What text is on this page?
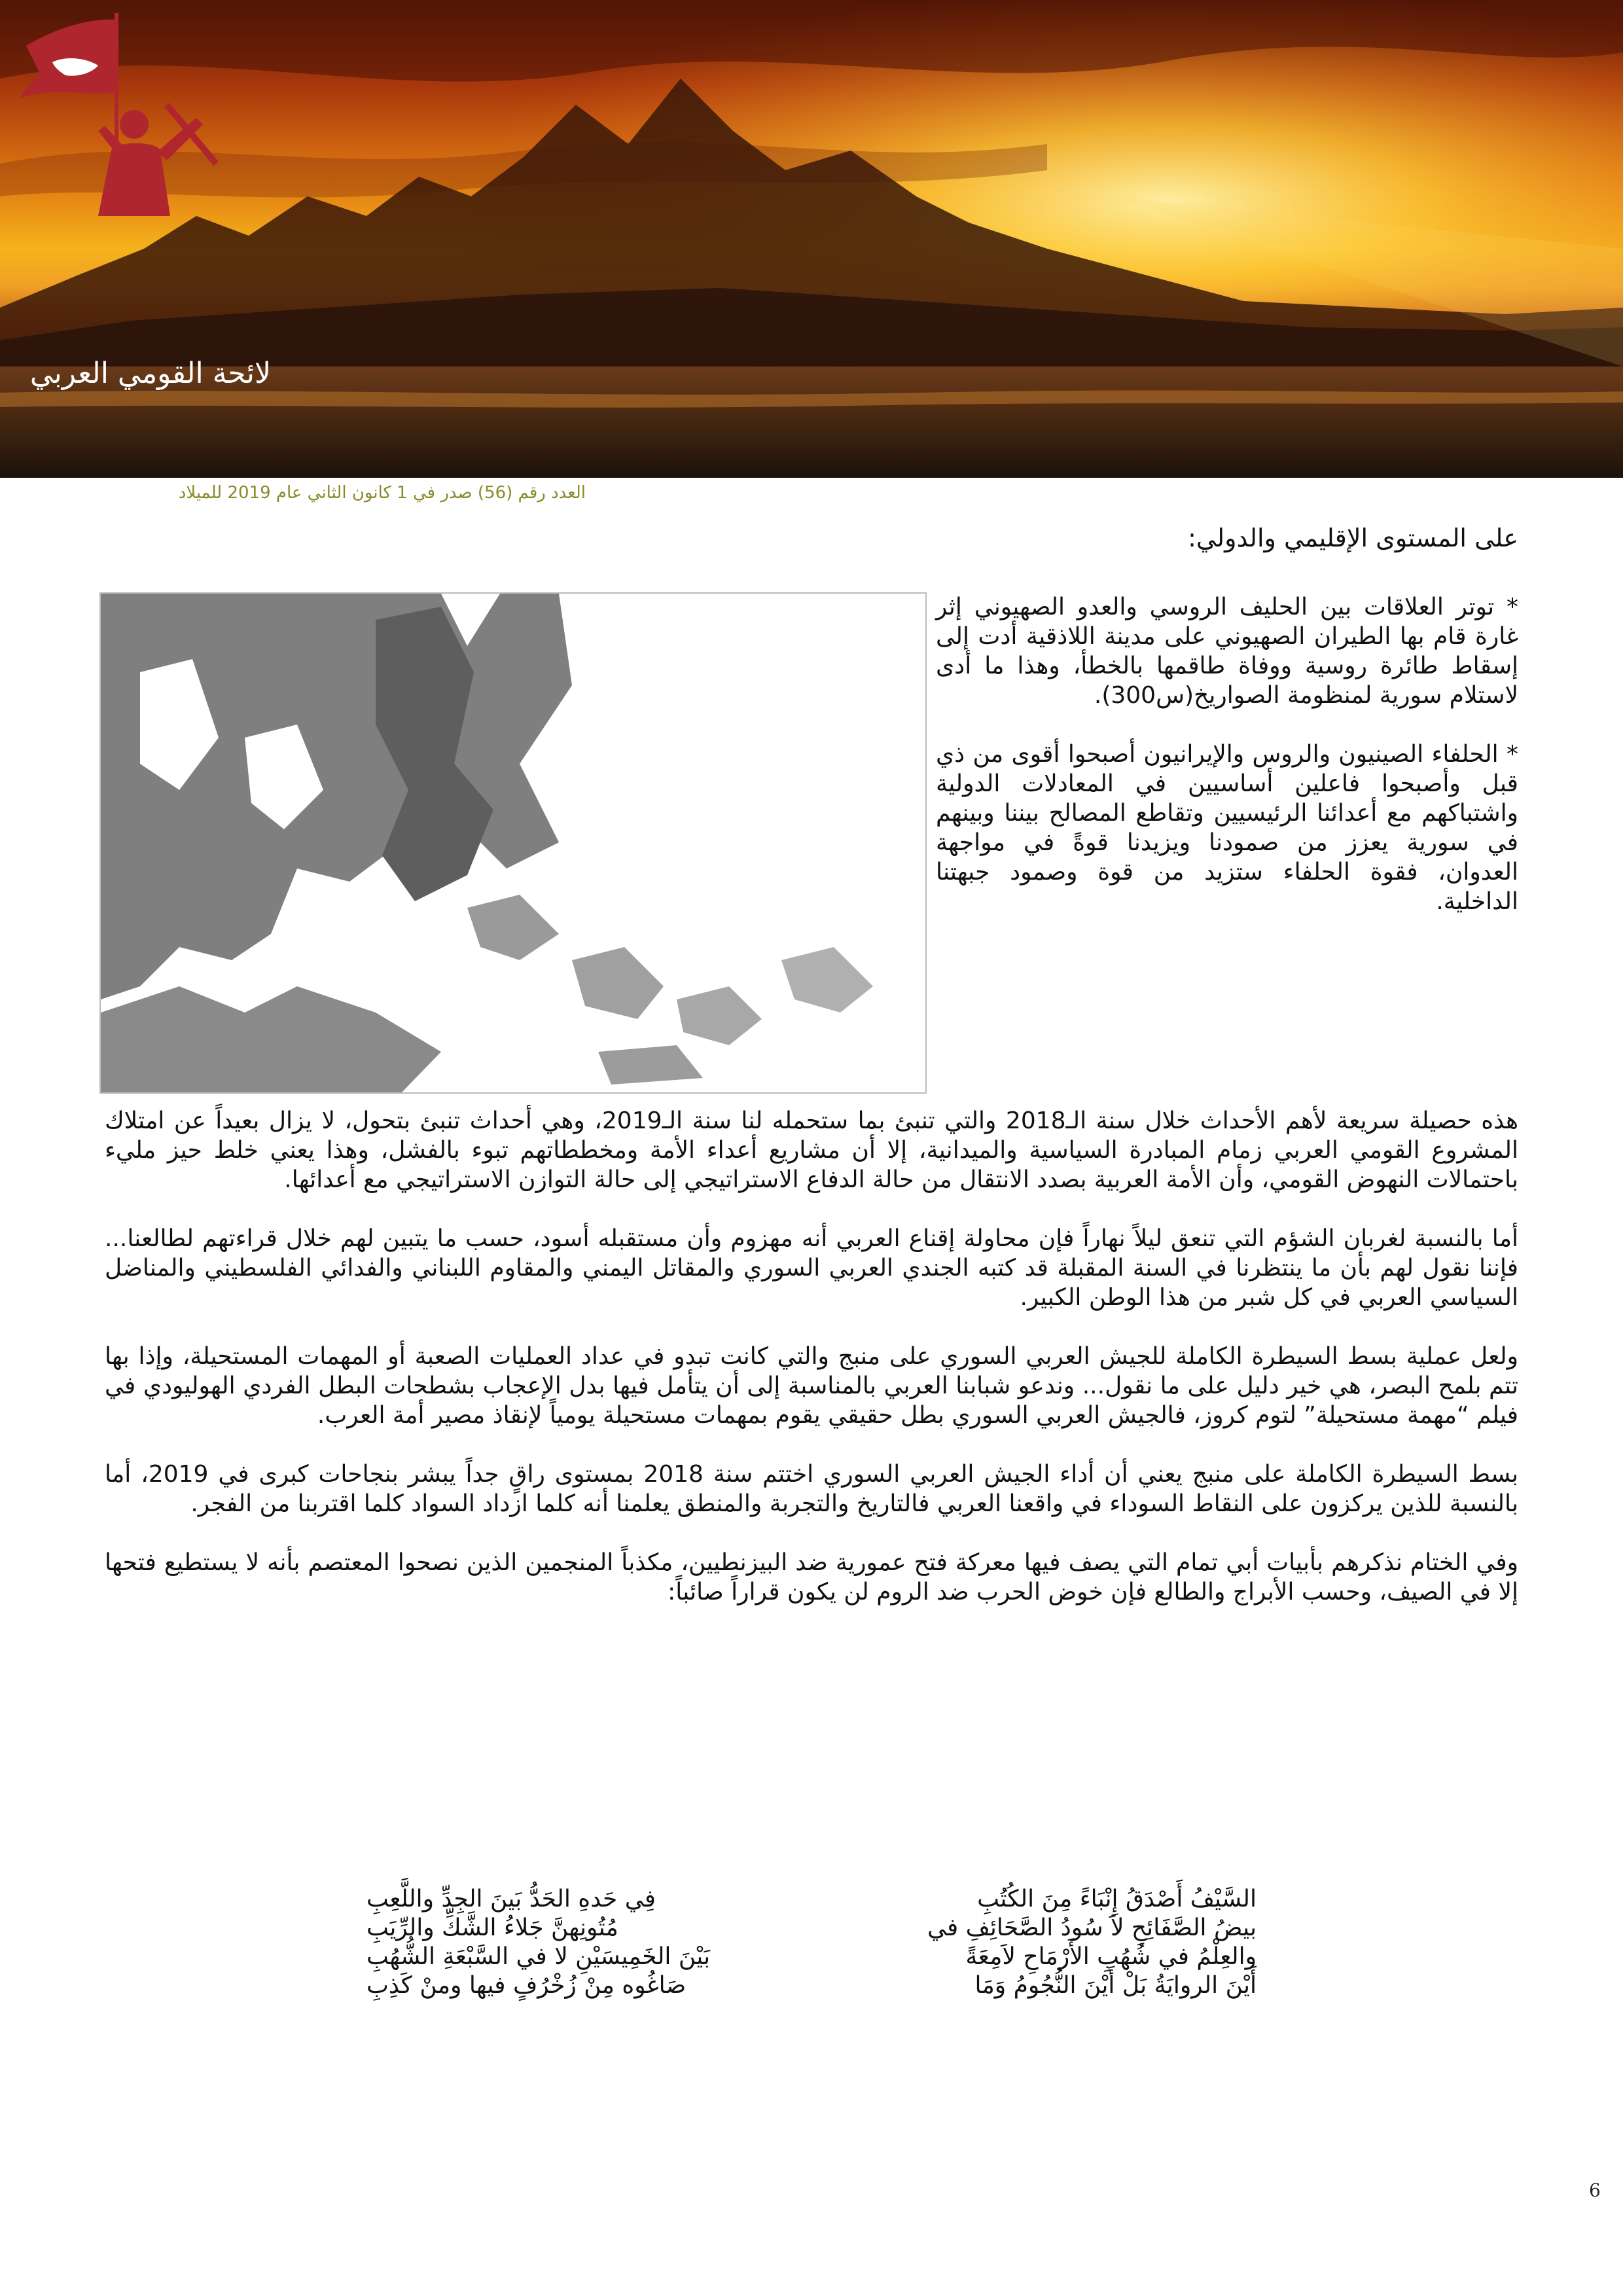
لائحة القومي العربي
العدد رقم (56) صدر في 1 كانون الثاني عام 2019 للميلاد
على المستوى الإقليمي والدولي:

* توتر العلاقات بين الحليف الروسي والعدو الصهيوني إثر غارة قام بها الطيران الصهيوني على مدينة اللاذقية أدت إلى إسقاط طائرة روسية ووفاة طاقمها بالخطأ، وهذا ما أدى لاستلام سورية لمنظومة الصواريخ(س300).

* الحلفاء الصينيون والروس والإيرانيون أصبحوا أقوى من ذي قبل وأصبحوا فاعلين أساسيين في المعادلات الدولية واشتباكهم مع أعدائنا الرئيسيين وتقاطع المصالح بيننا وبينهم في سورية يعزز من صمودنا ويزيدنا قوةً في مواجهة العدوان، فقوة الحلفاء ستزيد من قوة وصمود جبهتنا الداخلية.

هذه حصيلة سريعة لأهم الأحداث خلال سنة الـ2018 والتي تنبئ بما ستحمله لنا سنة الـ2019، وهي أحداث تنبئ بتحول، لا يزال بعيداً عن امتلاك المشروع القومي العربي زمام المبادرة السياسية والميدانية، إلا أن مشاريع أعداء الأمة ومخططاتهم تبوء بالفشل، وهذا يعني خلط حيز مليء باحتمالات النهوض القومي، وأن الأمة العربية بصدد الانتقال من حالة الدفاع الاستراتيجي إلى حالة التوازن الاستراتيجي مع أعدائها.

أما بالنسبة لغربان الشؤم التي تنعق ليلاً نهاراً فإن محاولة إقناع العربي أنه مهزوم وأن مستقبله أسود، حسب ما يتبين لهم خلال قراءتهم لطالعنا... فإننا نقول لهم بأن ما ينتظرنا في السنة المقبلة قد كتبه الجندي العربي السوري والمقاتل اليمني والمقاوم اللبناني والفدائي الفلسطيني والمناضل السياسي العربي في كل شبر من هذا الوطن الكبير.

ولعل عملية بسط السيطرة الكاملة للجيش العربي السوري على منبج والتي كانت تبدو في عداد العمليات الصعبة أو المهمات المستحيلة، وإذا بها تتم بلمح البصر، هي خير دليل على ما نقول... وندعو شبابنا العربي بالمناسبة إلى أن يتأمل فيها بدل الإعجاب بشطحات البطل الفردي الهوليودي في فيلم “مهمة مستحيلة” لتوم كروز، فالجيش العربي السوري بطل حقيقي يقوم بمهمات مستحيلة يومياً لإنقاذ مصير أمة العرب.

بسط السيطرة الكاملة على منبج يعني أن أداء الجيش العربي السوري اختتم سنة 2018 بمستوى راقٍ جداً يبشر بنجاحات كبرى في 2019، أما بالنسبة للذين يركزون على النقاط السوداء في واقعنا العربي فالتاريخ والتجربة والمنطق يعلمنا أنه كلما ازداد السواد كلما اقتربنا من الفجر.

وفي الختام نذكرهم بأبيات أبي تمام التي يصف فيها معركة فتح عمورية ضد البيزنطيين، مكذباً المنجمين الذين نصحوا المعتصم بأنه لا يستطيع فتحها إلا في الصيف، وحسب الأبراج والطالع فإن خوض الحرب ضد الروم لن يكون قراراً صائباً:

السَّيْفُ أَصْدَقُ إِنْبَاءً مِنَ الكُتُبِ
فِي حَدهِ الحَدُّ بَينَ الجِدِّ واللَّعِبِ
بيضُ الصَّفَائِحِ لاَ سُودُ الصَّحَائِفِ في
مُتُونِهنَّ جَلاءُ الشَّكِّ والرِّيَبِ
والعِلْمُ في شُهُبِ الأَرْمَاحِ لاَمِعَةً
بَيْنَ الخَمِيسَيْنِ لا في السَّبْعَةِ الشُّهُبِ
أَيْنَ الروايَةُ بَلْ أَيْنَ النُّجُومُ وَمَا
صَاغُوه مِنْ زُخْرُفٍ فيها ومنْ كَذِبِ
6
